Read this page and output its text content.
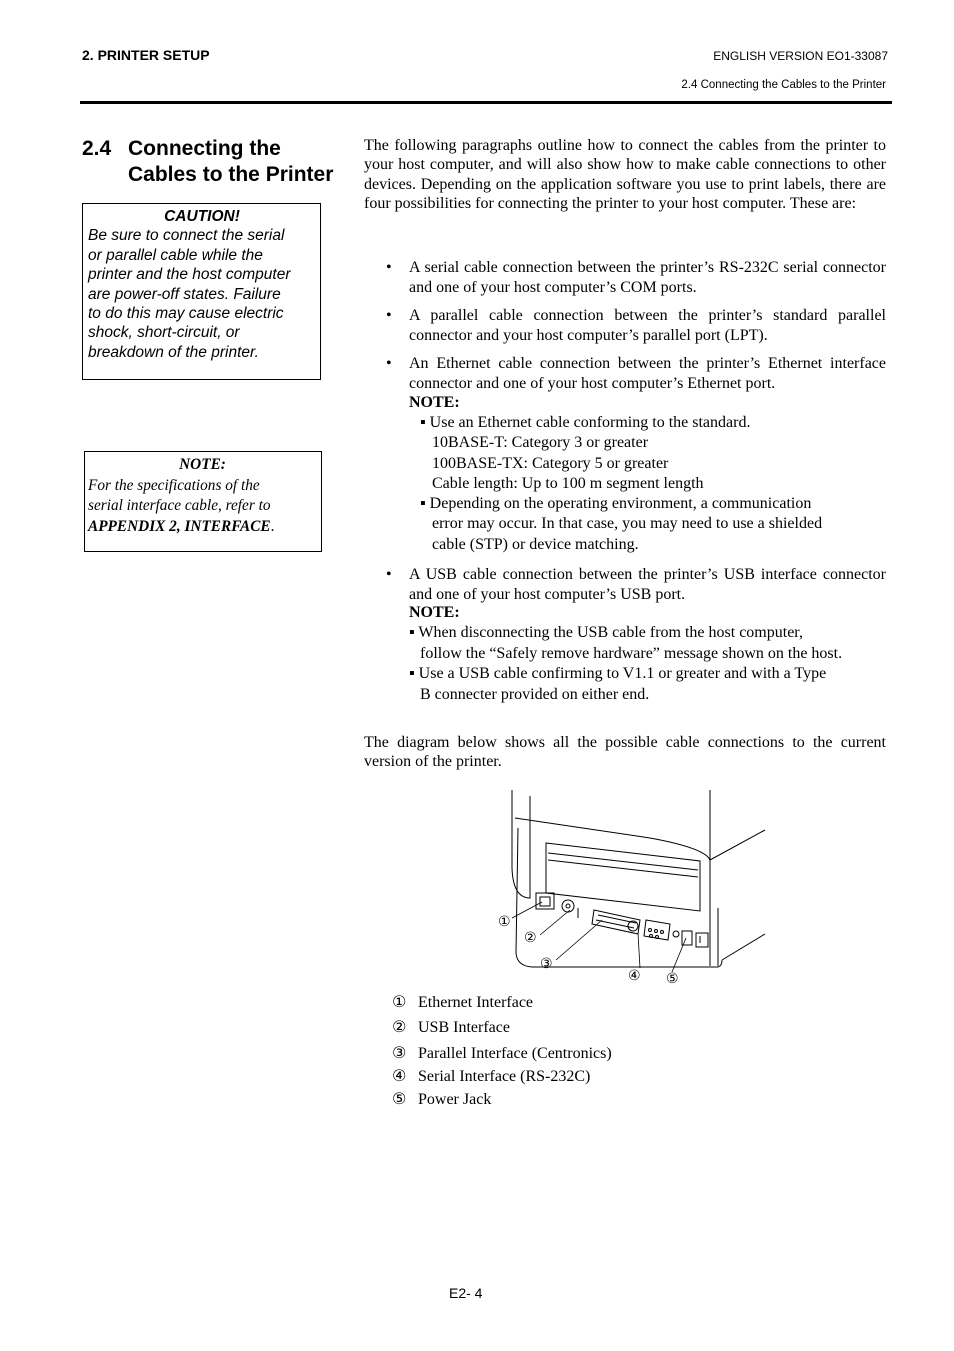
2. PRINTER SETUP	ENGLISH VERSION EO1-33087
2.4 Connecting the Cables to the Printer
2.4 Connecting the
Cables to the Printer
CAUTION!
Be sure to connect the serial
or parallel cable while the
printer and the host computer
are power-off states. Failure
to do this may cause electric
shock, short-circuit, or
breakdown of the printer.
NOTE:
For the specifications of the
serial interface cable, refer to
APPENDIX 2, INTERFACE.
The following paragraphs outline how to connect the cables from the printer to your host computer, and will also show how to make cable connections to other devices. Depending on the application software you use to print labels, there are four possibilities for connecting the printer to your host computer. These are:
• A serial cable connection between the printer’s RS-232C serial connector and one of your host computer’s COM ports.
• A parallel cable connection between the printer’s standard parallel connector and your host computer’s parallel port (LPT).
• An Ethernet cable connection between the printer’s Ethernet interface connector and one of your host computer’s Ethernet port.
NOTE:
▪ Use an Ethernet cable conforming to the standard.
10BASE-T: Category 3 or greater
100BASE-TX: Category 5 or greater
Cable length: Up to 100 m segment length
▪ Depending on the operating environment, a communication
error may occur. In that case, you may need to use a shielded
cable (STP) or device matching.
• A USB cable connection between the printer’s USB interface connector and one of your host computer’s USB port.
NOTE:
▪ When disconnecting the USB cable from the host computer,
follow the “Safely remove hardware” message shown on the host.
▪ Use a USB cable confirming to V1.1 or greater and with a Type
B connecter provided on either end.
The diagram below shows all the possible cable connections to the current version of the printer.
①
②
③
④ ⑤
① Ethernet Interface
② USB Interface
③ Parallel Interface (Centronics)
④ Serial Interface (RS-232C)
⑤ Power Jack
E2- 4
